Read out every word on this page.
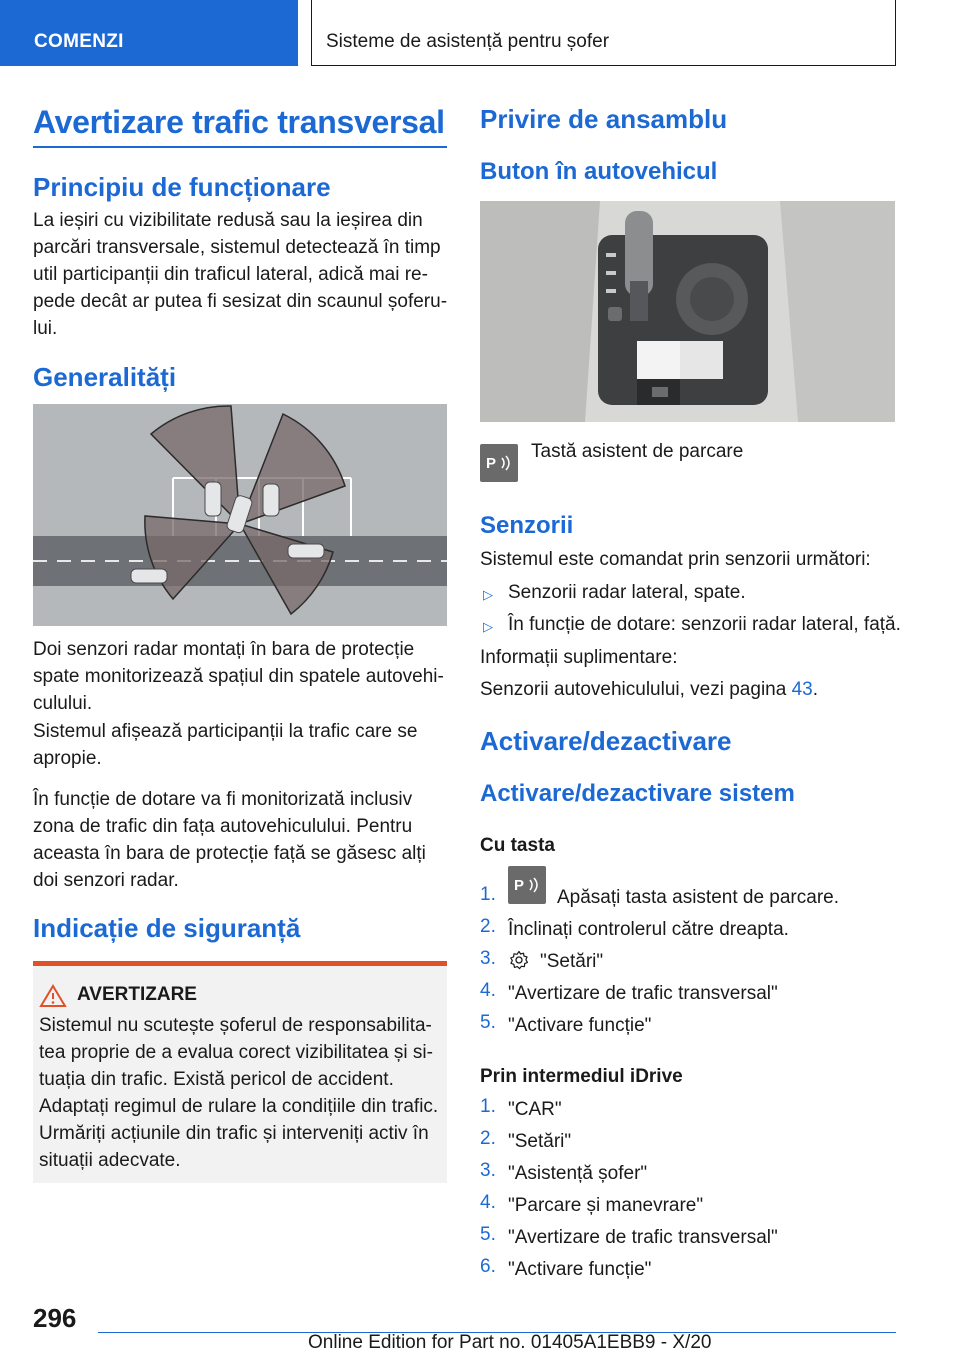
COMENZI	Sisteme de asistență pentru șofer
Avertizare trafic transversal
Principiu de funcționare
La ieșiri cu vizibilitate redusă sau la ieșirea din
parcări transversale, sistemul detectează în timp
util participanții din traficul lateral, adică mai re-
pede decât ar putea fi sesizat din scaunul șoferu-
lui.
Generalități
Doi senzori radar montați în bara de protecție
spate monitorizează spațiul din spatele autovehi-
culului.
Sistemul afișează participanții la trafic care se
apropie.
În funcție de dotare va fi monitorizată inclusiv
zona de trafic din fața autovehiculului. Pentru
aceasta în bara de protecție față se găsesc alți
doi senzori radar.
Indicație de siguranță
AVERTIZARE
Sistemul nu scutește șoferul de responsabilita-
tea proprie de a evalua corect vizibilitatea și si-
tuația din trafic. Există pericol de accident.
Adaptați regimul de rulare la condițiile din trafic.
Urmăriți acțiunile din trafic și interveniți activ în
situații adecvate.
Privire de ansamblu
Buton în autovehicul
P
Tastă asistent de parcare
Senzorii
Sistemul este comandat prin senzorii următori:
▷ Senzorii radar lateral, spate.
▷ În funcție de dotare: senzorii radar lateral, față.
Informații suplimentare:
Senzorii autovehiculului, vezi pagina 43.
Activare/dezactivare
Activare/dezactivare sistem
Cu tasta
1. P
Apăsați tasta asistent de parcare.
2. Înclinați controlerul către dreapta.
3. "Setări"
4. "Avertizare de trafic transversal"
5. "Activare funcție"
Prin intermediul iDrive
1. "CAR"
2. "Setări"
3. "Asistență șofer"
4. "Parcare și manevrare"
5. "Avertizare de trafic transversal"
6. "Activare funcție"
296
Online Edition for Part no. 01405A1EBB9 - X/20
